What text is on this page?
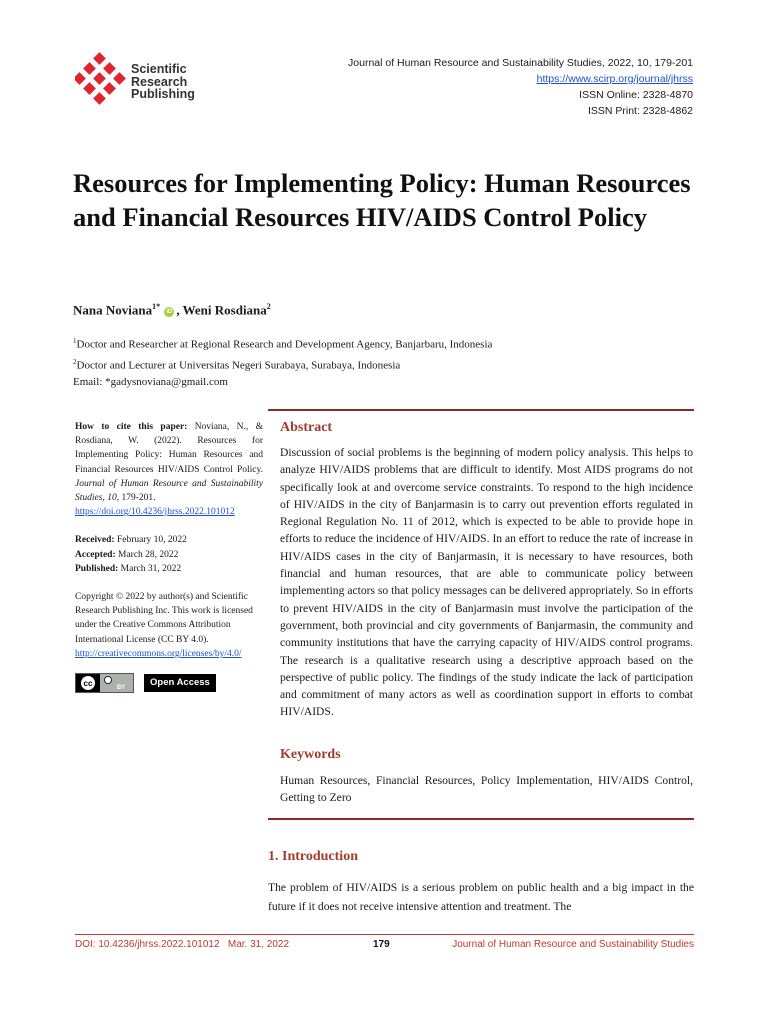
Scientific
Research
Publishing
Journal of Human Resource and Sustainability Studies, 2022, 10, 179-201
https://www.scirp.org/journal/jhrss
ISSN Online: 2328-4870
ISSN Print: 2328-4862
Resources for Implementing Policy: Human Resources and Financial Resources HIV/AIDS Control Policy
Nana Noviana$^{1*}$ iD , Weni Rosdiana$^2$
$^1$Doctor and Researcher at Regional Research and Development Agency, Banjarbaru, Indonesia
$^2$Doctor and Lecturer at Universitas Negeri Surabaya, Surabaya, Indonesia
Email: *gadysnoviana@gmail.com

How to cite this paper: Noviana, N., & Rosdiana, W. (2022). Resources for Implementing Policy: Human Resources and Financial Resources HIV/AIDS Control Policy. Journal of Human Resource and Sustainability Studies, 10, 179-201.
https://doi.org/10.4236/jhrss.2022.101012

Received: February 10, 2022
Accepted: March 28, 2022
Published: March 31, 2022

Copyright © 2022 by author(s) and Scientific Research Publishing Inc. This work is licensed under the Creative Commons Attribution International License (CC BY 4.0).
http://creativecommons.org/licenses/by/4.0/

cc	BY	Open Access
Abstract

Discussion of social problems is the beginning of modern policy analysis. This helps to analyze HIV/AIDS problems that are difficult to identify. Most AIDS programs do not specifically look at and overcome service constraints. To respond to the high incidence of HIV/AIDS in the city of Banjarmasin is to carry out prevention efforts regulated in Regional Regulation No. 11 of 2012, which is expected to be able to provide hope in efforts to reduce the incidence of HIV/AIDS. In an effort to reduce the rate of increase in HIV/AIDS cases in the city of Banjarmasin, it is necessary to have resources, both financial and human resources, that are able to communicate policy between implementing actors so that policy messages can be delivered appropriately. So in efforts to prevent HIV/AIDS in the city of Banjarmasin must involve the participation of the government, both provincial and city governments of Banjarmasin, the community and community institutions that have the carrying capacity of HIV/AIDS control programs. The research is a qualitative research using a descriptive approach based on the perspective of public policy. The findings of the study indicate the lack of participation and commitment of many actors as well as coordination support in efforts to combat HIV/AIDS.

Keywords

Human Resources, Financial Resources, Policy Implementation, HIV/AIDS Control, Getting to Zero

1. Introduction

The problem of HIV/AIDS is a serious problem on public health and a big impact in the future if it does not receive intensive attention and treatment. The

DOI: 10.4236/jhrss.2022.101012 Mar. 31, 2022	179	Journal of Human Resource and Sustainability Studies
